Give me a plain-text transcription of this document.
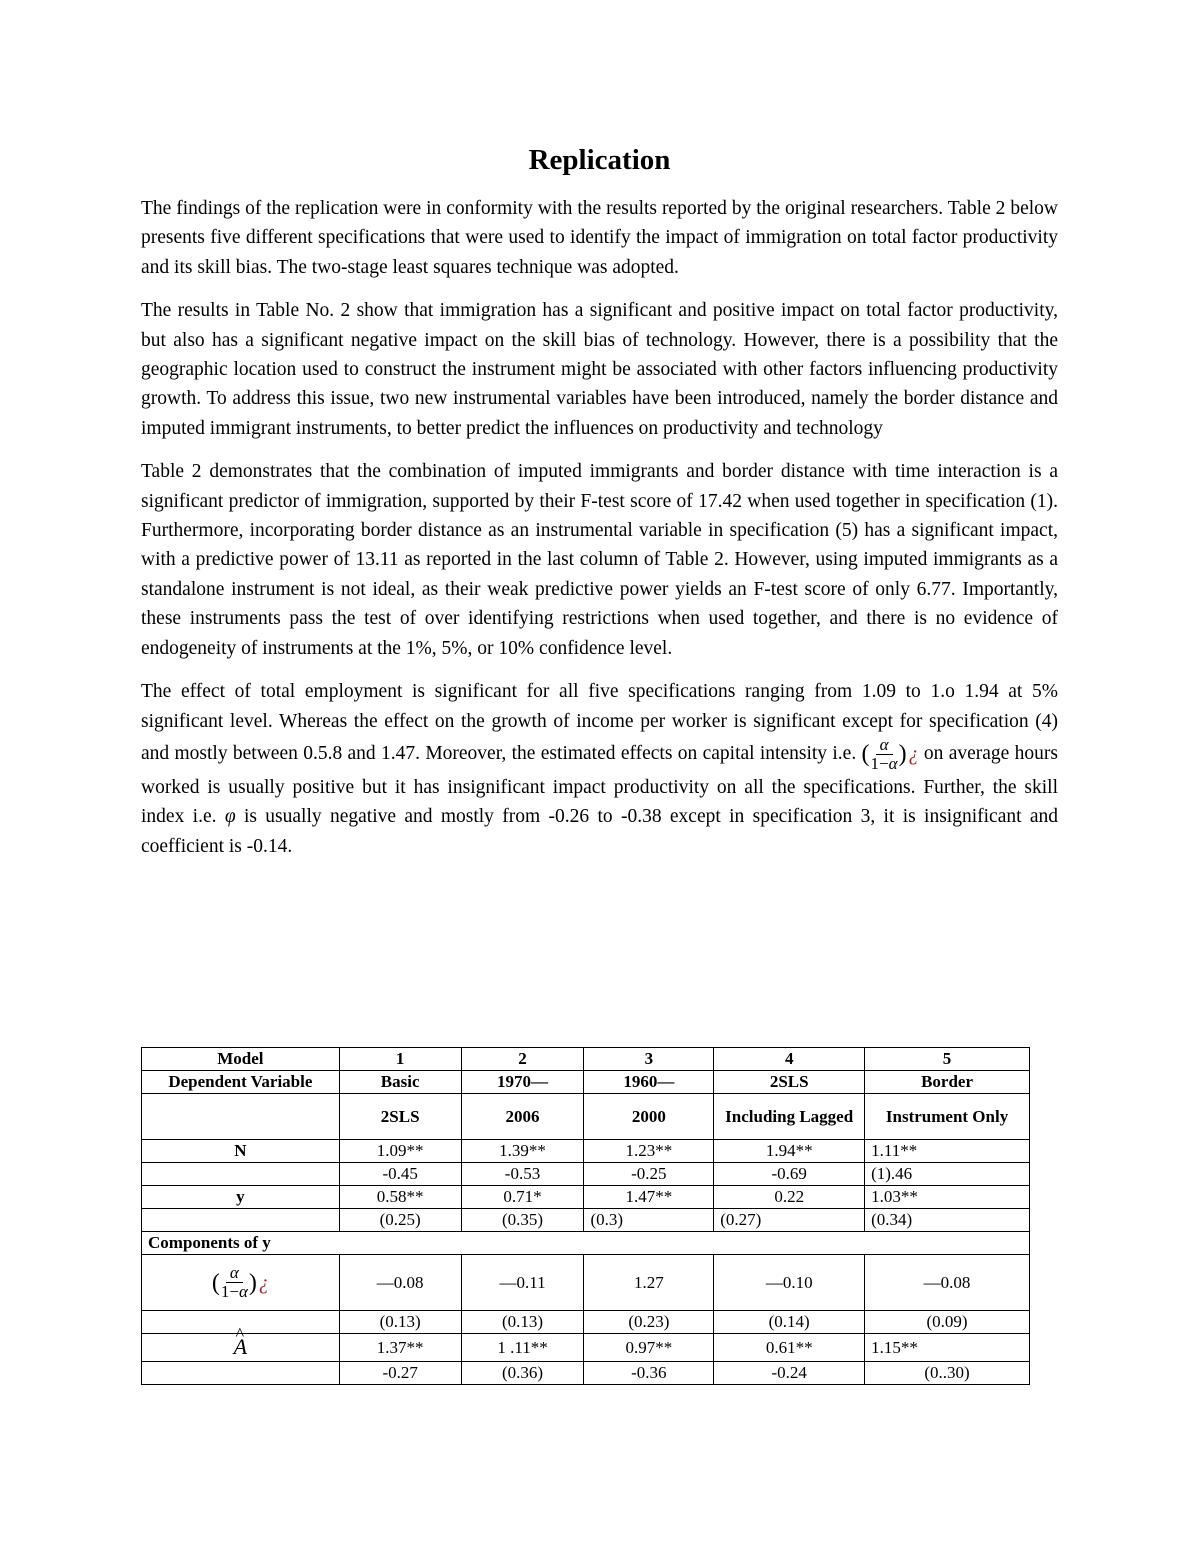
Replication

The findings of the replication were in conformity with the results reported by the original researchers. Table 2 below presents five different specifications that were used to identify the impact of immigration on total factor productivity and its skill bias. The two-stage least squares technique was adopted.

The results in Table No. 2 show that immigration has a significant and positive impact on total factor productivity, but also has a significant negative impact on the skill bias of technology. However, there is a possibility that the geographic location used to construct the instrument might be associated with other factors influencing productivity growth. To address this issue, two new instrumental variables have been introduced, namely the border distance and imputed immigrant instruments, to better predict the influences on productivity and technology

Table 2 demonstrates that the combination of imputed immigrants and border distance with time interaction is a significant predictor of immigration, supported by their F-test score of 17.42 when used together in specification (1). Furthermore, incorporating border distance as an instrumental variable in specification (5) has a significant impact, with a predictive power of 13.11 as reported in the last column of Table 2. However, using imputed immigrants as a standalone instrument is not ideal, as their weak predictive power yields an F-test score of only 6.77. Importantly, these instruments pass the test of over identifying restrictions when used together, and there is no evidence of endogeneity of instruments at the 1%, 5%, or 10% confidence level.

The effect of total employment is significant for all five specifications ranging from 1.09 to 1.o 1.94 at 5% significant level. Whereas the effect on the growth of income per worker is significant except for specification (4) and mostly between 0.5.8 and 1.47. Moreover, the estimated effects on capital intensity i.e. ( $\frac{\alpha}{1-\alpha}$ ) ¿ on average hours worked is usually positive but it has insignificant impact productivity on all the specifications. Further, the skill index i.e. φ is usually negative and mostly from -0.26 to -0.38 except in specification 3, it is insignificant and coefficient is -0.14.

Model	1	2	3	4	5
Dependent Variable	Basic	1970—	1960—	2SLS	Border
	2SLS	2006	2000	Including Lagged	Instrument Only
N	1.09**	1.39**	1.23**	1.94**	1.11**
	-0.45	-0.53	-0.25	-0.69	(1).46
y	0.58**	0.71*	1.47**	0.22	1.03**
	(0.25)	(0.35)	(0.3)	(0.27)	(0.34)
Components of y					

( $\frac{\alpha}{1-\alpha}$ ) ¿	—0.08	—0.11	1.27	—0.10	—0.08
	(0.13)	(0.13)	(0.23)	(0.14)	(0.09)
^ A	1.37**	1 .11**	0.97**	0.61**	1.15**
	-0.27	(0.36)	-0.36	-0.24	(0..30)
